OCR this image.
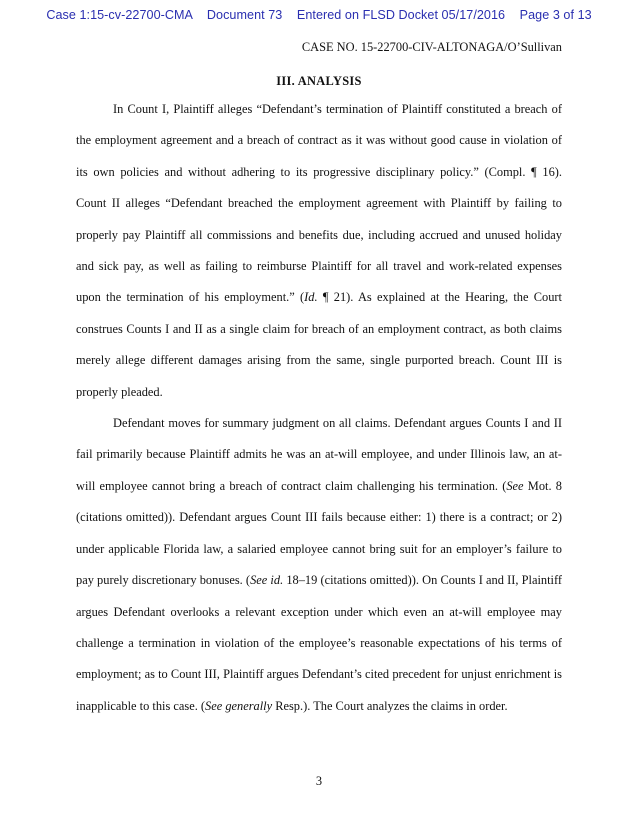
Case 1:15-cv-22700-CMA Document 73 Entered on FLSD Docket 05/17/2016 Page 3 of 13
CASE NO. 15-22700-CIV-ALTONAGA/O’Sullivan
III. ANALYSIS

In Count I, Plaintiff alleges “Defendant’s termination of Plaintiff constituted a breach of the employment agreement and a breach of contract as it was without good cause in violation of its own policies and without adhering to its progressive disciplinary policy.” (Compl. ¶ 16). Count II alleges “Defendant breached the employment agreement with Plaintiff by failing to properly pay Plaintiff all commissions and benefits due, including accrued and unused holiday and sick pay, as well as failing to reimburse Plaintiff for all travel and work-related expenses upon the termination of his employment.” (Id. ¶ 21). As explained at the Hearing, the Court construes Counts I and II as a single claim for breach of an employment contract, as both claims merely allege different damages arising from the same, single purported breach. Count III is properly pleaded.

Defendant moves for summary judgment on all claims. Defendant argues Counts I and II fail primarily because Plaintiff admits he was an at-will employee, and under Illinois law, an at-will employee cannot bring a breach of contract claim challenging his termination. (See Mot. 8 (citations omitted)). Defendant argues Count III fails because either: 1) there is a contract; or 2) under applicable Florida law, a salaried employee cannot bring suit for an employer’s failure to pay purely discretionary bonuses. (See id. 18–19 (citations omitted)). On Counts I and II, Plaintiff argues Defendant overlooks a relevant exception under which even an at-will employee may challenge a termination in violation of the employee’s reasonable expectations of his terms of employment; as to Count III, Plaintiff argues Defendant’s cited precedent for unjust enrichment is inapplicable to this case. (See generally Resp.). The Court analyzes the claims in order.

3
